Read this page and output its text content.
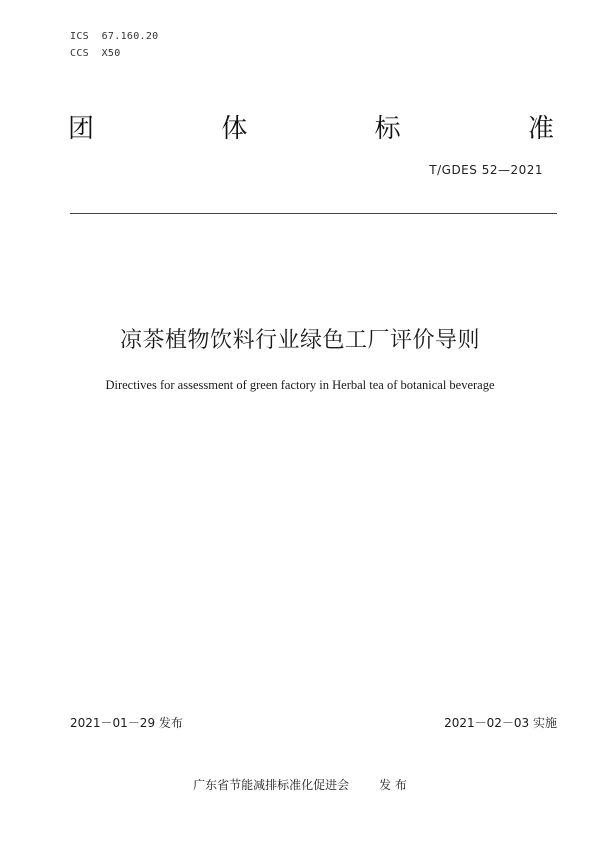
ICS  67.160.20
CCS  X50
团	体	标	准
T/GDES 52—2021
凉茶植物饮料行业绿色工厂评价导则
Directives for assessment of green factory in Herbal tea of botanical beverage
2021－01－29 发布	2021－02－03 实施
广东省节能减排标准化促进会	发 布
